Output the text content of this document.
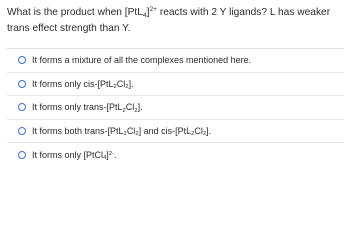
What is the product when $[PtL_4]^{2+}$ reacts with 2 Y ligands? L has weaker trans effect strength than Y.
It forms a mixture of all the complexes mentioned here.
It forms only cis-$[PtL_2Cl_2]$.
It forms only trans-$[PtL_2Cl_2]$.
It forms both trans-$[PtL_2Cl_2]$ and cis-$[PtL_2Cl_2]$.
It forms only [PtCl$_4$]$^{2-}$.
